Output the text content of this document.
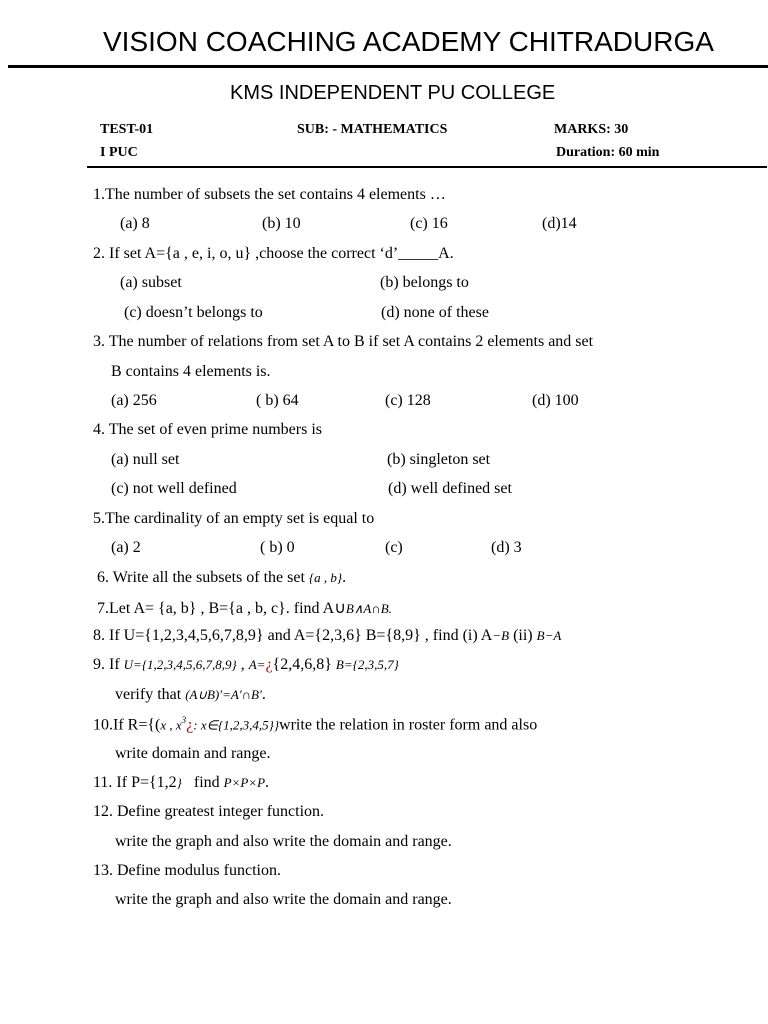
VISION COACHING ACADEMY CHITRADURGA
KMS INDEPENDENT PU COLLEGE
TEST-01	SUB: - MATHEMATICS	MARKS: 30
I PUC	Duration: 60 min
1.The number of subsets the set contains 4 elements …
(a) 8	(b) 10	(c) 16	(d)14
2. If set A={a , e, i, o, u} ,choose the correct ‘d’_____A.
(a) subset	(b) belongs to
(c) doesn’t belongs to	(d) none of these
3. The number of relations from set A to B if set A contains 2 elements and set
B contains 4 elements is.
(a) 256	( b) 64	(c) 128	(d) 100
4. The set of even prime numbers is
(a) null set	(b) singleton set
(c) not well defined	(d) well defined set
5.The cardinality of an empty set is equal to
(a) 2	( b) 0	(c)	(d) 3
6. Write all the subsets of the set {a , b}.
7.Let A= {a, b} , B={a , b, c}. find A∪B∧A∩B.
8. If U={1,2,3,4,5,6,7,8,9} and A={2,3,6} B={8,9} , find (i) A−B (ii) B−A
9. If U={1,2,3,4,5,6,7,8,9} , A=¿{2,4,6,8} B={2,3,5,7}
verify that (A∪B)′=A′∩B′.
10.If R={(x , $x^3¿$: x∈{1,2,3,4,5}}write the relation in roster form and also
write domain and range.
11. If P={1,2} find P×P×P.
12. Define greatest integer function.
write the graph and also write the domain and range.
13. Define modulus function.
write the graph and also write the domain and range.
